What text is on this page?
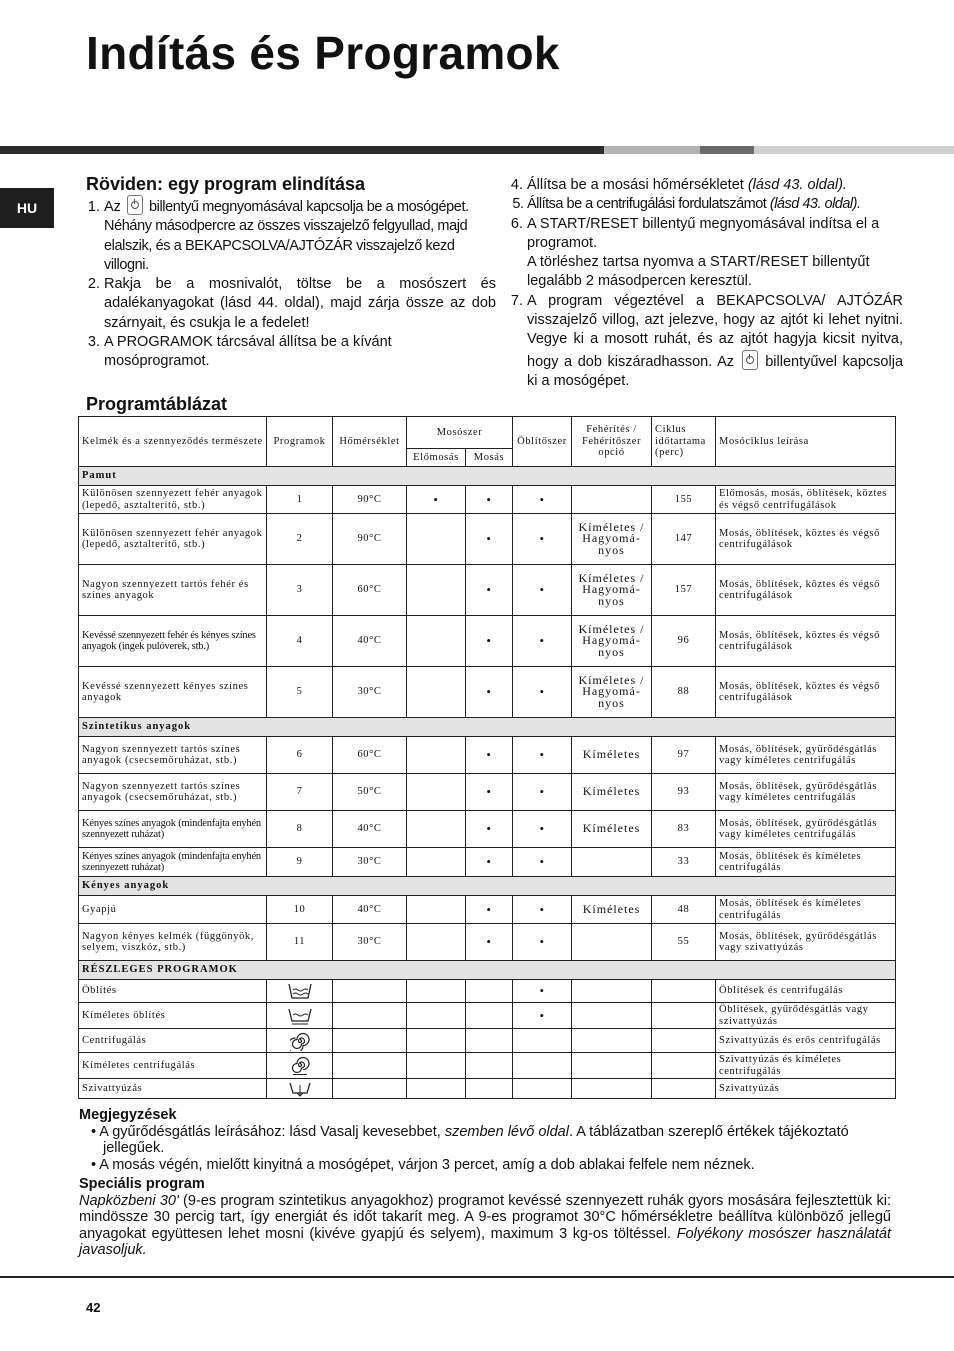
Indítás és Programok
HU
Röviden: egy program elindítása
1. Az billentyű megnyomásával kapcsolja be a mosógépet. Néhány másodpercre az összes visszajelző felgyullad, majd elalszik, és a BEKAPCSOLVA/AJTÓZÁR visszajelző kezd villogni.
2. Rakja be a mosnivalót, töltse be a mosószert és adalékanyagokat (lásd 44. oldal), majd zárja össze az dob szárnyait, és csukja le a fedelet!
3. A PROGRAMOK tárcsával állítsa be a kívánt mosóprogramot.
4. Állítsa be a mosási hőmérsékletet (lásd 43. oldal).
5. Állítsa be a centrifugálási fordulatszámot (lásd 43. oldal).
6. A START/RESET billentyű megnyomásával indítsa el a programot.
A törléshez tartsa nyomva a START/RESET billentyűt legalább 2 másodpercen keresztül.
7. A program végeztével a BEKAPCSOLVA/ AJTÓZÁR visszajelző villog, azt jelezve, hogy az ajtót ki lehet nyitni. Vegye ki a mosott ruhát, és az ajtót hagyja kicsit nyitva, hogy a dob kiszáradhasson. Az billentyűvel kapcsolja ki a mosógépet.
Programtáblázat
Kelmék és a szennyeződés természete	Programok	Hőmérséklet	Mosószer		Öblítőszer	Fehérítés / Fehérítőszer opció	Ciklus időtartama (perc)	Mosóciklus leírása
			Előmosás	Mosás				
Pamut								
Különösen szennyezett fehér anyagok (lepedő, asztalterítő, stb.)	1	90°C	•	•	•		155	Előmosás, mosás, öblítések, köztes és végső centrifugálások
Különösen szennyezett fehér anyagok (lepedő, asztalterítő, stb.)	2	90°C		•	•	Kíméletes / Hagyomá-nyos	147	Mosás, öblítések, köztes és végső centrifugálások
Nagyon szennyezett tartós fehér és színes anyagok	3	60°C		•	•	Kíméletes / Hagyomá-nyos	157	Mosás, öblítések, köztes és végső centrifugálások
Kevéssé szennyezett fehér és kényes színes anyagok (ingek pulóverek, stb.)	4	40°C		•	•	Kíméletes / Hagyomá-nyos	96	Mosás, öblítések, köztes és végső centrifugálások
Kevéssé szennyezett kényes színes anyagok	5	30°C		•	•	Kíméletes / Hagyomá-nyos	88	Mosás, öblítések, köztes és végső centrifugálások
Szintetikus anyagok								
Nagyon szennyezett tartós színes anyagok (csecsemőruházat, stb.)	6	60°C		•	•	Kíméletes	97	Mosás, öblítések, gyűrődésgátlás vagy kíméletes centrifugálás
Nagyon szennyezett tartós színes anyagok (csecsemőruházat, stb.)	7	50°C		•	•	Kíméletes	93	Mosás, öblítések, gyűrődésgátlás vagy kíméletes centrifugálás
Kényes színes anyagok (mindenfajta enyhén szennyezett ruházat)	8	40°C		•	•	Kíméletes	83	Mosás, öblítések, gyűrődésgátlás vagy kíméletes centrifugálás
Kényes színes anyagok (mindenfajta enyhén szennyezett ruházat)	9	30°C		•	•		33	Mosás, öblítések és kíméletes centrifugálás
Kényes anyagok								
Gyapjú	10	40°C		•	•	Kíméletes	48	Mosás, öblítések és kíméletes centrifugálás
Nagyon kényes kelmék (függönyök, selyem, viszkóz, stb.)	11	30°C		•	•		55	Mosás, öblítések, gyűrődésgátlás vagy szivattyúzás
RÉSZLEGES PROGRAMOK								
Öblítés					•			Öblítések és centrifugálás
Kíméletes öblítés					•			Öblítések, gyűrődésgátlás vagy szivattyúzás
Centrifugálás								Szivattyúzás és erős centrifugálás
Kíméletes centrifugálás								Szivattyúzás és kíméletes centrifugálás
Szivattyúzás								Szivattyúzás

Megjegyzések

• A gyűrődésgátlás leírásához: lásd Vasalj kevesebbet, szemben lévő oldal. A táblázatban szereplő értékek tájékoztató jellegűek.

• A mosás végén, mielőtt kinyitná a mosógépet, várjon 3 percet, amíg a dob ablakai felfele nem néznek.

Speciális program

Napközbeni 30' (9-es program szintetikus anyagokhoz) programot kevéssé szennyezett ruhák gyors mosására fejlesztettük ki: mindössze 30 percig tart, így energiát és időt takarít meg. A 9-es programot 30°C hőmérsékletre beállítva különböző jellegű anyagokat együttesen lehet mosni (kivéve gyapjú és selyem), maximum 3 kg-os töltéssel. Folyékony mosószer használatát javasoljuk.

42
